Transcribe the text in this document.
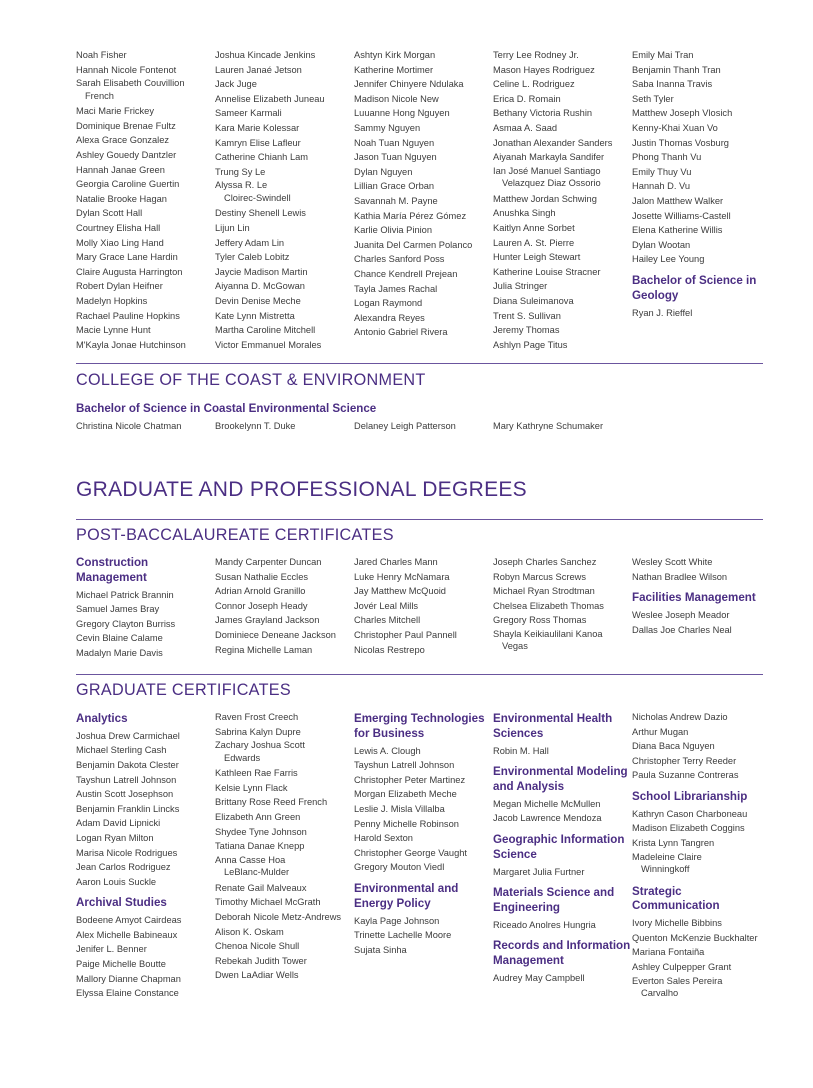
Noah Fisher
Hannah Nicole Fontenot
Sarah Elisabeth Couvillion
French
Maci Marie Frickey
Dominique Brenae Fultz
Alexa Grace Gonzalez
Ashley Gouedy Dantzler
Hannah Janae Green
Georgia Caroline Guertin
Natalie Brooke Hagan
Dylan Scott Hall
Courtney Elisha Hall
Molly Xiao Ling Hand
Mary Grace Lane Hardin
Claire Augusta Harrington
Robert Dylan Heifner
Madelyn Hopkins
Rachael Pauline Hopkins
Macie Lynne Hunt
M'Kayla Jonae Hutchinson
Joshua Kincade Jenkins
Lauren Janaé Jetson
Jack Juge
Annelise Elizabeth Juneau
Sameer Karmali
Kara Marie Kolessar
Kamryn Elise Lafleur
Catherine Chianh Lam
Trung Sy Le
Alyssa R. Le
Cloirec-Swindell
Destiny Shenell Lewis
Lijun Lin
Jeffery Adam Lin
Tyler Caleb Lobitz
Jaycie Madison Martin
Aiyanna D. McGowan
Devin Denise Meche
Kate Lynn Mistretta
Martha Caroline Mitchell
Victor Emmanuel Morales
Ashtyn Kirk Morgan
Katherine Mortimer
Jennifer Chinyere Ndulaka
Madison Nicole New
Luuanne Hong Nguyen
Sammy Nguyen
Noah Tuan Nguyen
Jason Tuan Nguyen
Dylan Nguyen
Lillian Grace Orban
Savannah M. Payne
Kathia María Pérez Gómez
Karlie Olivia Pinion
Juanita Del Carmen Polanco
Charles Sanford Poss
Chance Kendrell Prejean
Tayla James Rachal
Logan Raymond
Alexandra Reyes
Antonio Gabriel Rivera
Terry Lee Rodney Jr.
Mason Hayes Rodriguez
Celine L. Rodriguez
Erica D. Romain
Bethany Victoria Rushin
Asmaa A. Saad
Jonathan Alexander Sanders
Aiyanah Markayla Sandifer
Ian José Manuel Santiago
Velazquez Diaz Ossorio
Matthew Jordan Schwing
Anushka Singh
Kaitlyn Anne Sorbet
Lauren A. St. Pierre
Hunter Leigh Stewart
Katherine Louise Stracner
Julia Stringer
Diana Suleimanova
Trent S. Sullivan
Jeremy Thomas
Ashlyn Page Titus
Emily Mai Tran
Benjamin Thanh Tran
Saba Inanna Travis
Seth Tyler
Matthew Joseph Vlosich
Kenny-Khai Xuan Vo
Justin Thomas Vosburg
Phong Thanh Vu
Emily Thuy Vu
Hannah D. Vu
Jalon Matthew Walker
Josette Williams-Castell
Elena Katherine Willis
Dylan Wootan
Hailey Lee Young
Bachelor of Science in Geology
Ryan J. Rieffel
COLLEGE OF THE COAST & ENVIRONMENT
Bachelor of Science in Coastal Environmental Science
Christina Nicole Chatman	Brookelynn T. Duke	Delaney Leigh Patterson	Mary Kathryne Schumaker
GRADUATE AND PROFESSIONAL DEGREES
POST-BACCALAUREATE CERTIFICATES
Construction Management
Michael Patrick Brannin
Samuel James Bray
Gregory Clayton Burriss
Cevin Blaine Calame
Madalyn Marie Davis
Mandy Carpenter Duncan
Susan Nathalie Eccles
Adrian Arnold Granillo
Connor Joseph Heady
James Grayland Jackson
Dominiece Deneane Jackson
Regina Michelle Laman
Jared Charles Mann
Luke Henry McNamara
Jay Matthew McQuoid
Jovér Leal Mills
Charles Mitchell
Christopher Paul Pannell
Nicolas Restrepo
Joseph Charles Sanchez
Robyn Marcus Screws
Michael Ryan Strodtman
Chelsea Elizabeth Thomas
Gregory Ross Thomas
Shayla Keikiaulilani Kanoa
Vegas
Wesley Scott White
Nathan Bradlee Wilson
Facilities Management
Weslee Joseph Meador
Dallas Joe Charles Neal
GRADUATE CERTIFICATES
Analytics
Joshua Drew Carmichael
Michael Sterling Cash
Benjamin Dakota Clester
Tayshun Latrell Johnson
Austin Scott Josephson
Benjamin Franklin Lincks
Adam David Lipnicki
Logan Ryan Milton
Marisa Nicole Rodrigues
Jean Carlos Rodriguez
Aaron Louis Suckle
Archival Studies
Bodeene Amyot Cairdeas
Alex Michelle Babineaux
Jenifer L. Benner
Paige Michelle Boutte
Mallory Dianne Chapman
Elyssa Elaine Constance
Raven Frost Creech
Sabrina Kalyn Dupre
Zachary Joshua Scott
Edwards
Kathleen Rae Farris
Kelsie Lynn Flack
Brittany Rose Reed French
Elizabeth Ann Green
Shydee Tyne Johnson
Tatiana Danae Knepp
Anna Casse Hoa
LeBlanc-Mulder
Renate Gail Malveaux
Timothy Michael McGrath
Deborah Nicole Metz-Andrews
Alison K. Oskam
Chenoa Nicole Shull
Rebekah Judith Tower
Dwen LaAdiar Wells
Emerging Technologies for Business
Lewis A. Clough
Tayshun Latrell Johnson
Christopher Peter Martinez
Morgan Elizabeth Meche
Leslie J. Misla Villalba
Penny Michelle Robinson
Harold Sexton
Christopher George Vaught
Gregory Mouton Viedl
Environmental and Energy Policy
Kayla Page Johnson
Trinette Lachelle Moore
Sujata Sinha
Environmental Health Sciences
Robin M. Hall
Environmental Modeling and Analysis
Megan Michelle McMullen
Jacob Lawrence Mendoza
Geographic Information Science
Margaret Julia Furtner
Materials Science and Engineering
Riceado Anolres Hungria
Records and Information Management
Audrey May Campbell
Nicholas Andrew Dazio
Arthur Mugan
Diana Baca Nguyen
Christopher Terry Reeder
Paula Suzanne Contreras
School Librarianship
Kathryn Cason Charboneau
Madison Elizabeth Coggins
Krista Lynn Tangren
Madeleine Claire
Winningkoff
Strategic Communication
Ivory Michelle Bibbins
Quenton McKenzie Buckhalter
Mariana Fontaiña
Ashley Culpepper Grant
Everton Sales Pereira
Carvalho
